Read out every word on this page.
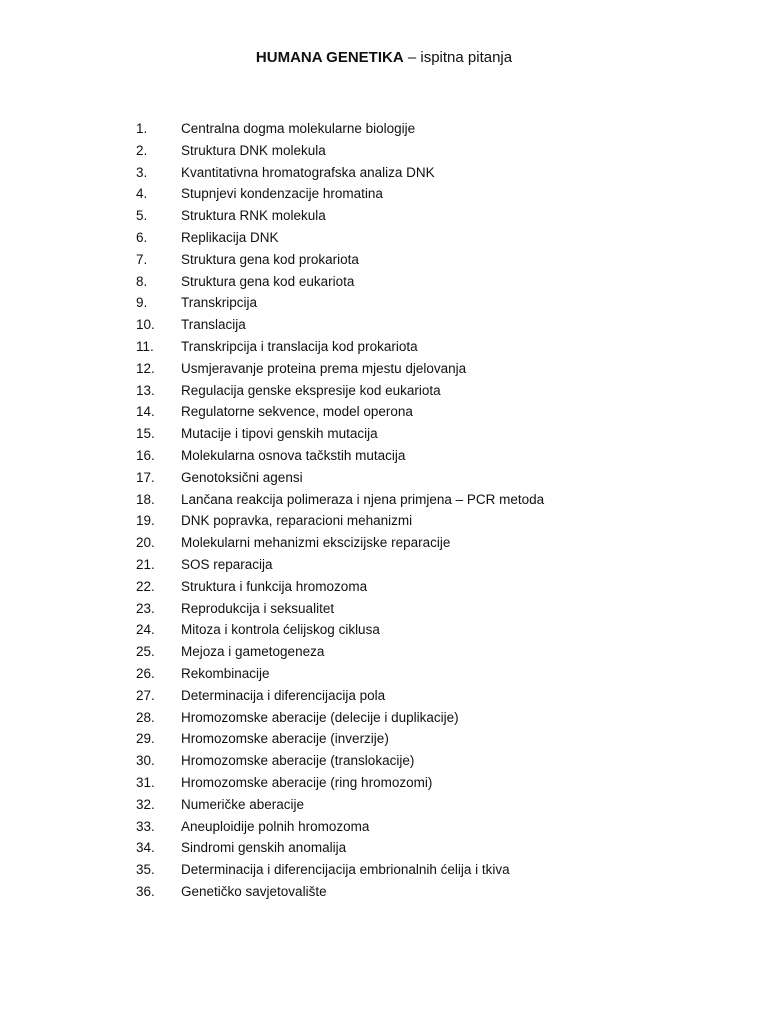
HUMANA GENETIKA – ispitna pitanja
1.	Centralna dogma molekularne biologije
2.	Struktura DNK molekula
3.	Kvantitativna hromatografska analiza DNK
4.	Stupnjevi kondenzacije hromatina
5.	Struktura RNK molekula
6.	Replikacija DNK
7.	Struktura gena kod prokariota
8.	Struktura gena kod eukariota
9.	Transkripcija
10.	Translacija
11.	Transkripcija i translacija kod prokariota
12.	Usmjeravanje proteina prema mjestu djelovanja
13.	Regulacija genske ekspresije kod eukariota
14.	Regulatorne sekvence, model operona
15.	Mutacije i tipovi genskih mutacija
16.	Molekularna osnova tačkstih mutacija
17.	Genotoksični agensi
18.	Lančana reakcija polimeraza i njena primjena – PCR metoda
19.	DNK popravka, reparacioni mehanizmi
20.	Molekularni mehanizmi ekscizijske reparacije
21.	SOS reparacija
22.	Struktura i funkcija hromozoma
23.	Reprodukcija i seksualitet
24.	Mitoza i kontrola ćelijskog ciklusa
25.	Mejoza i gametogeneza
26.	Rekombinacije
27.	Determinacija i diferencijacija pola
28.	Hromozomske aberacije (delecije i duplikacije)
29.	Hromozomske aberacije (inverzije)
30.	Hromozomske aberacije (translokacije)
31.	Hromozomske aberacije (ring hromozomi)
32.	Numeričke aberacije
33.	Aneuploidije polnih hromozoma
34.	Sindromi genskih anomalija
35.	Determinacija i diferencijacija embrionalnih ćelija i tkiva
36.	Genetičko savjetovalište
